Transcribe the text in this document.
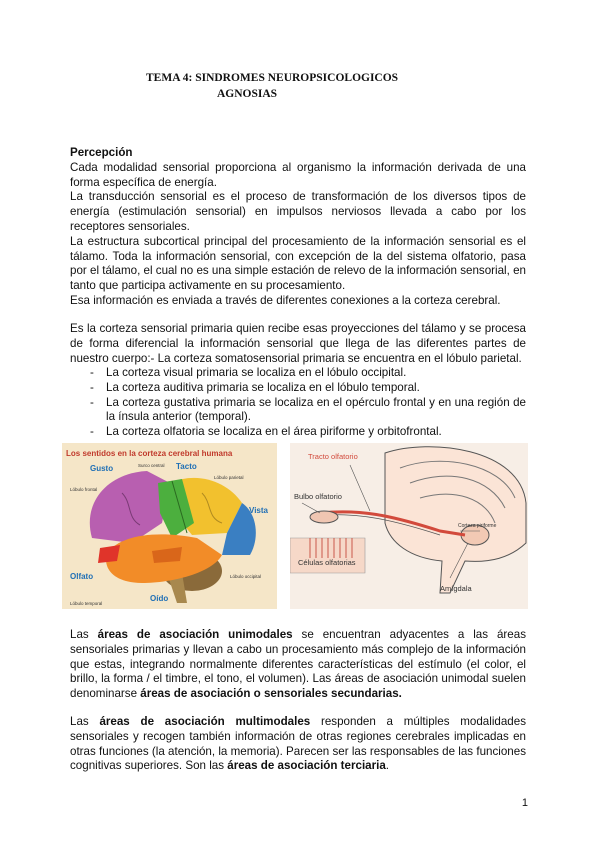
TEMA 4: SINDROMES NEUROPSICOLOGICOS
AGNOSIAS
Percepción
Cada modalidad sensorial proporciona al organismo la información derivada de una forma específica de energía.
La transducción sensorial es el proceso de transformación de los diversos tipos de energía (estimulación sensorial) en impulsos nerviosos llevada a cabo por los receptores sensoriales.
La estructura subcortical principal del procesamiento de la información sensorial es el tálamo. Toda la información sensorial, con excepción de la del sistema olfatorio, pasa por el tálamo, el cual no es una simple estación de relevo de la información sensorial, en tanto que participa activamente en su procesamiento.
Esa información es enviada a través de diferentes conexiones a la corteza cerebral.
Es la corteza sensorial primaria quien recibe esas proyecciones del tálamo y se procesa de forma diferencial la información sensorial que llega de las diferentes partes de nuestro cuerpo:- La corteza somatosensorial primaria se encuentra en el lóbulo parietal.
- La corteza visual primaria se localiza en el lóbulo occipital.
- La corteza auditiva primaria se localiza en el lóbulo temporal.
- La corteza gustativa primaria se localiza en el opérculo frontal y en una región de la ínsula anterior (temporal).
- La corteza olfatoria se localiza en el área piriforme y orbitofrontal.
Los sentidos en la corteza cerebral humana
Gusto	Tacto
Vista
Olfato
Oído
Surco central
Lóbulo frontal
Lóbulo parietal
Lóbulo occipital
Lóbulo temporal
Tracto olfatorio
Bulbo olfatorio
Corteza piriforme
Células olfatorias
Amígdala
Las áreas de asociación unimodales se encuentran adyacentes a las áreas sensoriales primarias y llevan a cabo un procesamiento más complejo de la información que estas, integrando normalmente diferentes características del estímulo (el color, el brillo, la forma / el timbre, el tono, el volumen). Las áreas de asociación unimodal suelen denominarse áreas de asociación o sensoriales secundarias.
Las áreas de asociación multimodales responden a múltiples modalidades sensoriales y recogen también información de otras regiones cerebrales implicadas en otras funciones (la atención, la memoria). Parecen ser las responsables de las funciones cognitivas superiores. Son las áreas de asociación terciaria.
1
